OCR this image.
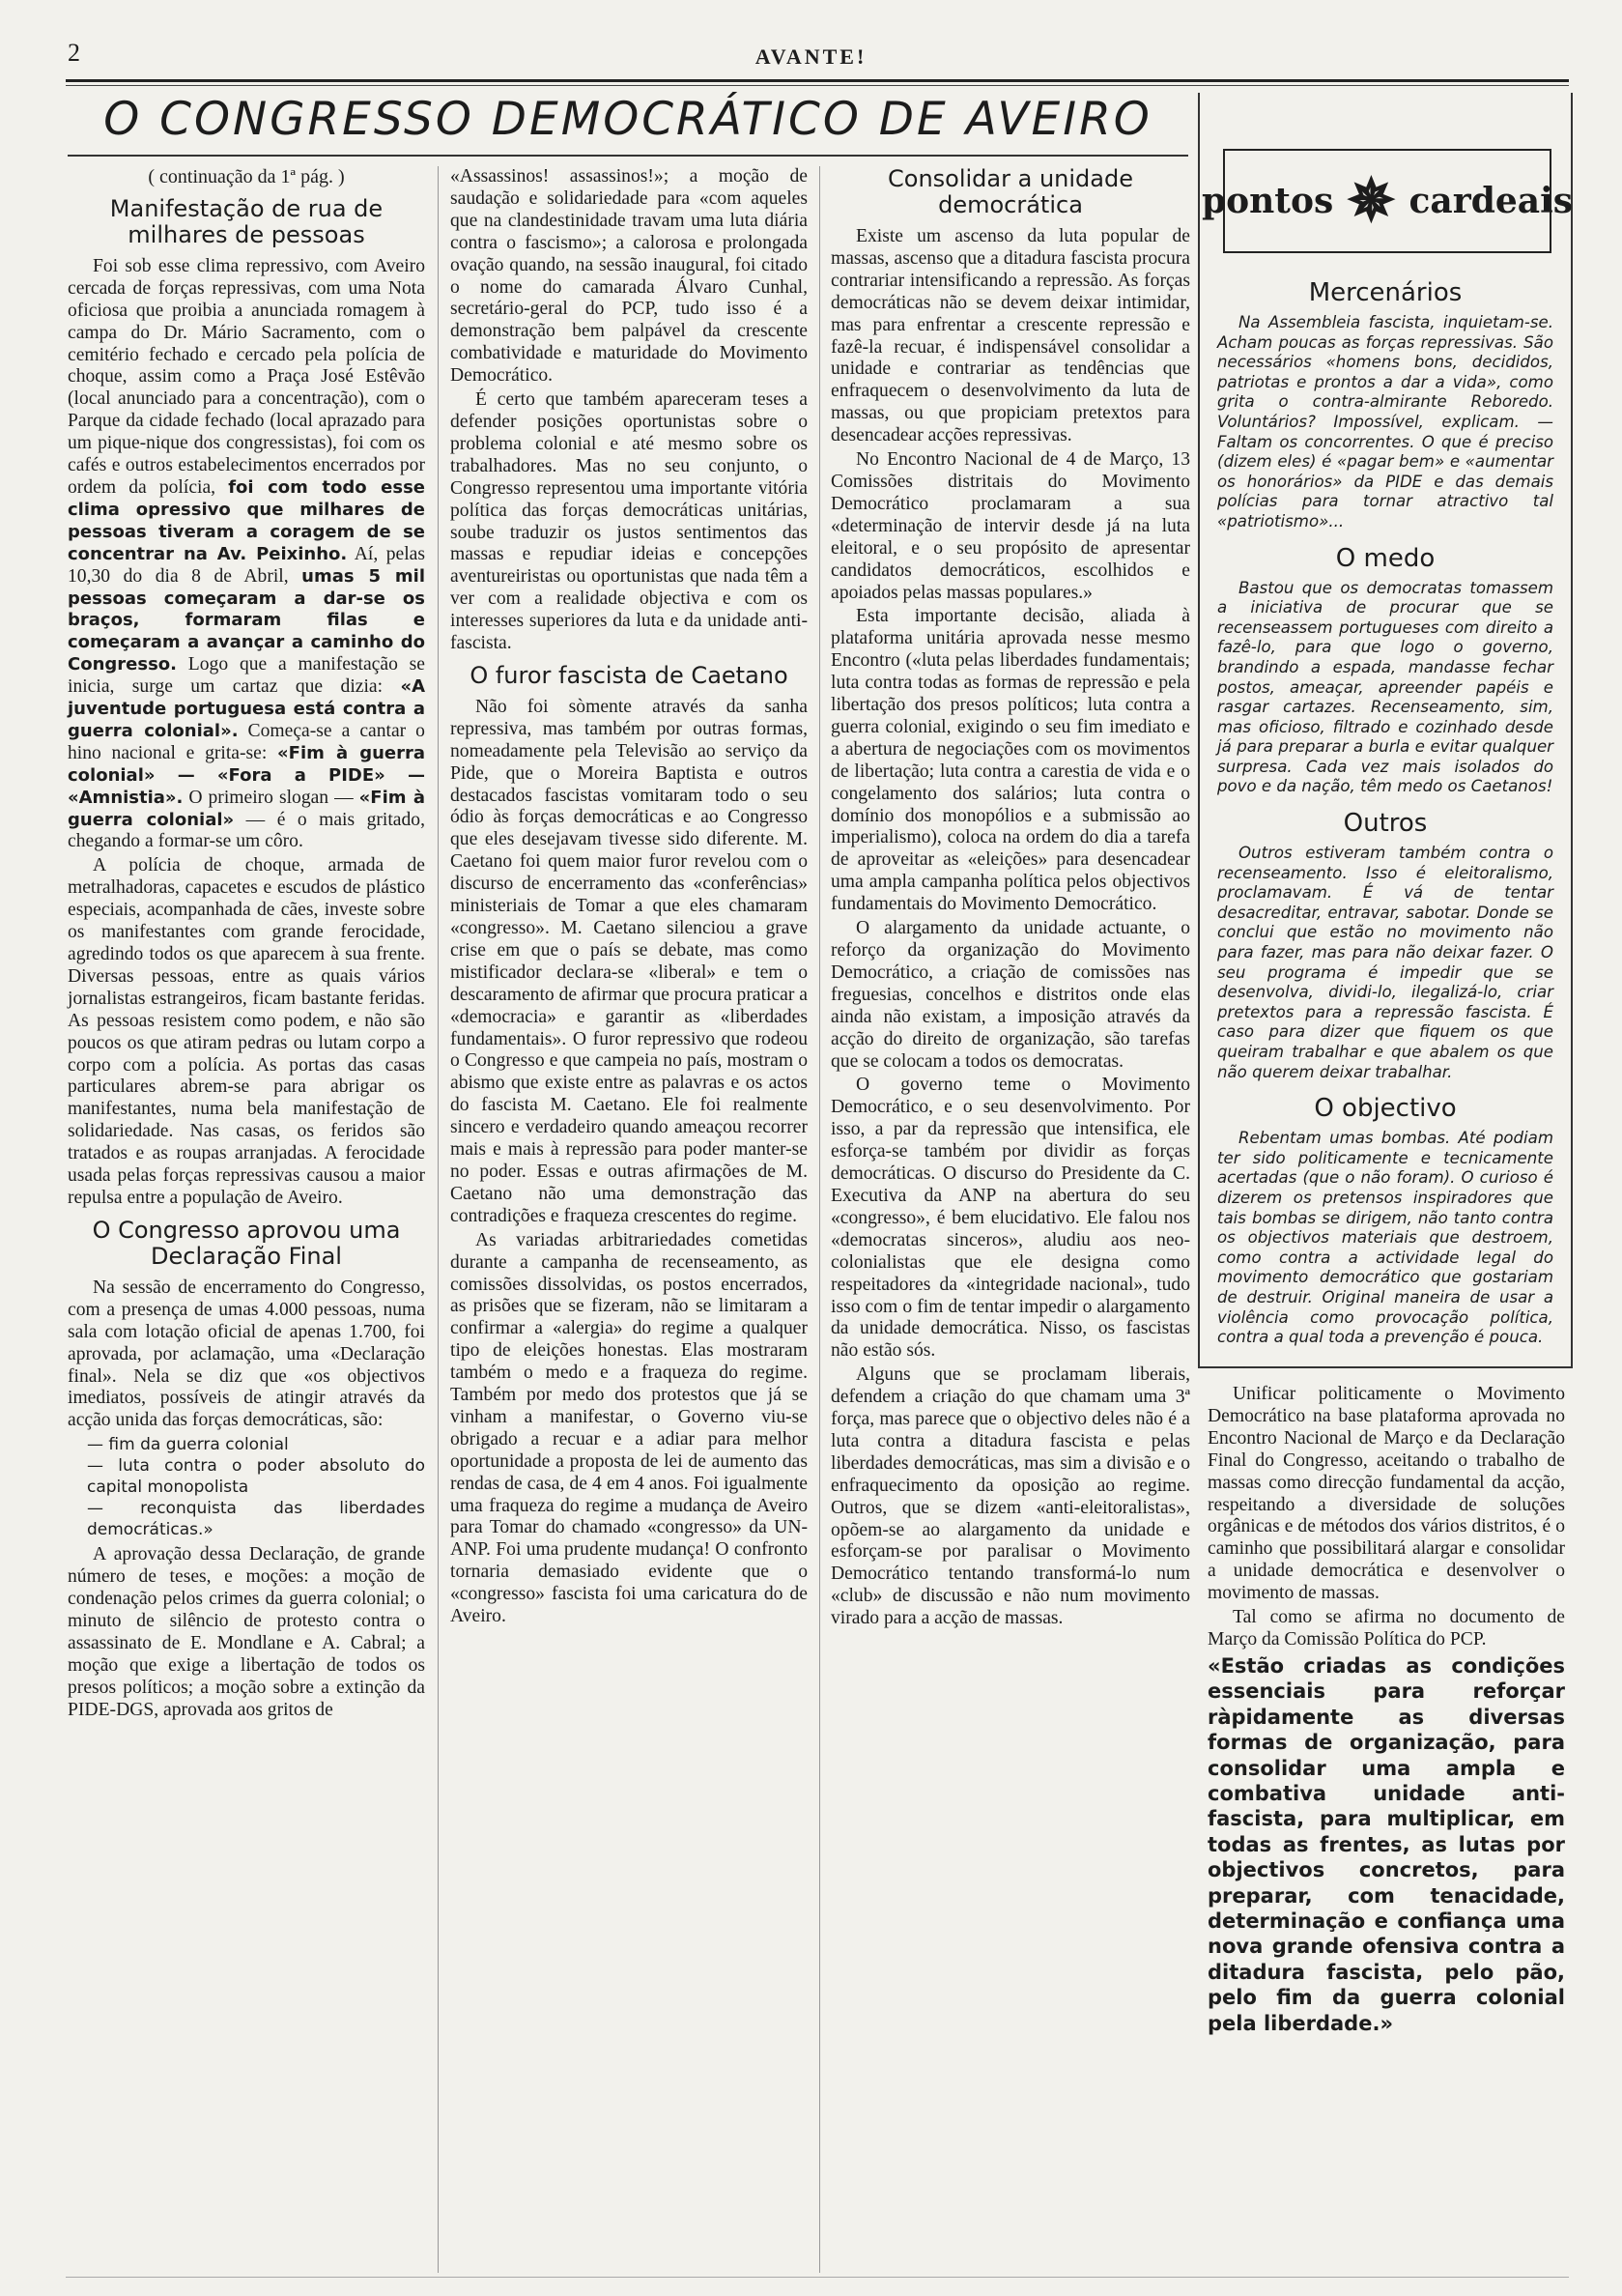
2	AVANTE!
O CONGRESSO DEMOCRÁTICO DE AVEIRO

( continuação da 1ª pág. )

Manifestação de rua de milhares de pessoas

Foi sob esse clima repressivo, com Aveiro cercada de forças repressivas, com uma Nota oficiosa que proibia a anunciada romagem à campa do Dr. Mário Sacramento, com o cemitério fechado e cercado pela polícia de choque, assim como a Praça José Estêvão (local anunciado para a concentração), com o Parque da cidade fechado (local aprazado para um pique-nique dos congressistas), foi com os cafés e outros estabelecimentos encerrados por ordem da polícia, foi com todo esse clima opressivo que milhares de pessoas tiveram a coragem de se concentrar na Av. Peixinho. Aí, pelas 10,30 do dia 8 de Abril, umas 5 mil pessoas começaram a dar-se os braços, formaram filas e começaram a avançar a caminho do Congresso. Logo que a manifestação se inicia, surge um cartaz que dizia: «A juventude portuguesa está contra a guerra colonial». Começa-se a cantar o hino nacional e grita-se: «Fim à guerra colonial» — «Fora a PIDE» — «Amnistia». O primeiro slogan — «Fim à guerra colonial» — é o mais gritado, chegando a formar-se um côro.

A polícia de choque, armada de metralhadoras, capacetes e escudos de plástico especiais, acompanhada de cães, investe sobre os manifestantes com grande ferocidade, agredindo todos os que aparecem à sua frente. Diversas pessoas, entre as quais vários jornalistas estrangeiros, ficam bastante feridas. As pessoas resistem como podem, e não são poucos os que atiram pedras ou lutam corpo a corpo com a polícia. As portas das casas particulares abrem-se para abrigar os manifestantes, numa bela manifestação de solidariedade. Nas casas, os feridos são tratados e as roupas arranjadas. A ferocidade usada pelas forças repressivas causou a maior repulsa entre a população de Aveiro.

O Congresso aprovou uma Declaração Final

Na sessão de encerramento do Congresso, com a presença de umas 4.000 pessoas, numa sala com lotação oficial de apenas 1.700, foi aprovada, por aclamação, uma «Declaração final». Nela se diz que «os objectivos imediatos, possíveis de atingir através da acção unida das forças democráticas, são:

— fim da guerra colonial
— luta contra o poder absoluto do capital monopolista
— reconquista das liberdades democráticas.»

A aprovação dessa Declaração, de grande número de teses, e moções: a moção de condenação pelos crimes da guerra colonial; o minuto de silêncio de protesto contra o assassinato de E. Mondlane e A. Cabral; a moção que exige a libertação de todos os presos políticos; a moção sobre a extinção da PIDE-DGS, aprovada aos gritos de

«Assassinos! assassinos!»; a moção de saudação e solidariedade para «com aqueles que na clandestinidade travam uma luta diária contra o fascismo»; a calorosa e prolongada ovação quando, na sessão inaugural, foi citado o nome do camarada Álvaro Cunhal, secretário-geral do PCP, tudo isso é a demonstração bem palpável da crescente combatividade e maturidade do Movimento Democrático.

É certo que também apareceram teses a defender posições oportunistas sobre o problema colonial e até mesmo sobre os trabalhadores. Mas no seu conjunto, o Congresso representou uma importante vitória política das forças democráticas unitárias, soube traduzir os justos sentimentos das massas e repudiar ideias e concepções aventureiristas ou oportunistas que nada têm a ver com a realidade objectiva e com os interesses superiores da luta e da unidade anti-fascista.

O furor fascista de Caetano

Não foi sòmente através da sanha repressiva, mas também por outras formas, nomeadamente pela Televisão ao serviço da Pide, que o Moreira Baptista e outros destacados fascistas vomitaram todo o seu ódio às forças democráticas e ao Congresso que eles desejavam tivesse sido diferente. M. Caetano foi quem maior furor revelou com o discurso de encerramento das «conferências» ministeriais de Tomar a que eles chamaram «congresso». M. Caetano silenciou a grave crise em que o país se debate, mas como mistificador declara-se «liberal» e tem o descaramento de afirmar que procura praticar a «democracia» e garantir as «liberdades fundamentais». O furor repressivo que rodeou o Congresso e que campeia no país, mostram o abismo que existe entre as palavras e os actos do fascista M. Caetano. Ele foi realmente sincero e verdadeiro quando ameaçou recorrer mais e mais à repressão para poder manter-se no poder. Essas e outras afirmações de M. Caetano não uma demonstração das contradições e fraqueza crescentes do regime.

As variadas arbitrariedades cometidas durante a campanha de recenseamento, as comissões dissolvidas, os postos encerrados, as prisões que se fizeram, não se limitaram a confirmar a «alergia» do regime a qualquer tipo de eleições honestas. Elas mostraram também o medo e a fraqueza do regime. Também por medo dos protestos que já se vinham a manifestar, o Governo viu-se obrigado a recuar e a adiar para melhor oportunidade a proposta de lei de aumento das rendas de casa, de 4 em 4 anos. Foi igualmente uma fraqueza do regime a mudança de Aveiro para Tomar do chamado «congresso» da UN-ANP. Foi uma prudente mudança! O confronto tornaria demasiado evidente que o «congresso» fascista foi uma caricatura do de Aveiro.

Consolidar a unidade democrática

Existe um ascenso da luta popular de massas, ascenso que a ditadura fascista procura contrariar intensificando a repressão. As forças democráticas não se devem deixar intimidar, mas para enfrentar a crescente repressão e fazê-la recuar, é indispensável consolidar a unidade e contrariar as tendências que enfraquecem o desenvolvimento da luta de massas, ou que propiciam pretextos para desencadear acções repressivas.

No Encontro Nacional de 4 de Março, 13 Comissões distritais do Movimento Democrático proclamaram a sua «determinação de intervir desde já na luta eleitoral, e o seu propósito de apresentar candidatos democráticos, escolhidos e apoiados pelas massas populares.»

Esta importante decisão, aliada à plataforma unitária aprovada nesse mesmo Encontro («luta pelas liberdades fundamentais; luta contra todas as formas de repressão e pela libertação dos presos políticos; luta contra a guerra colonial, exigindo o seu fim imediato e a abertura de negociações com os movimentos de libertação; luta contra a carestia de vida e o congelamento dos salários; luta contra o domínio dos monopólios e a submissão ao imperialismo), coloca na ordem do dia a tarefa de aproveitar as «eleições» para desencadear uma ampla campanha política pelos objectivos fundamentais do Movimento Democrático.

O alargamento da unidade actuante, o reforço da organização do Movimento Democrático, a criação de comissões nas freguesias, concelhos e distritos onde elas ainda não existam, a imposição através da acção do direito de organização, são tarefas que se colocam a todos os democratas.

O governo teme o Movimento Democrático, e o seu desenvolvimento. Por isso, a par da repressão que intensifica, ele esforça-se também por dividir as forças democráticas. O discurso do Presidente da C. Executiva da ANP na abertura do seu «congresso», é bem elucidativo. Ele falou nos «democratas sinceros», aludiu aos neo-colonialistas que ele designa como respeitadores da «integridade nacional», tudo isso com o fim de tentar impedir o alargamento da unidade democrática. Nisso, os fascistas não estão sós.

Alguns que se proclamam liberais, defendem a criação do que chamam uma 3ª força, mas parece que o objectivo deles não é a luta contra a ditadura fascista e pelas liberdades democráticas, mas sim a divisão e o enfraquecimento da oposição ao regime. Outros, que se dizem «anti-eleitoralistas», opõem-se ao alargamento da unidade e esforçam-se por paralisar o Movimento Democrático tentando transformá-lo num «club» de discussão e não num movimento virado para a acção de massas.

pontos ✵ cardeais
Mercenários

Na Assembleia fascista, inquietam-se. Acham poucas as forças repressivas. São necessários «homens bons, decididos, patriotas e prontos a dar a vida», como grita o contra-almirante Reboredo. Voluntários? Impossível, explicam. — Faltam os concorrentes. O que é preciso (dizem eles) é «pagar bem» e «aumentar os honorários» da PIDE e das demais polícias para tornar atractivo tal «patriotismo»...

O medo

Bastou que os democratas tomassem a iniciativa de procurar que se recenseassem portugueses com direito a fazê-lo, para que logo o governo, brandindo a espada, mandasse fechar postos, ameaçar, apreender papéis e rasgar cartazes. Recenseamento, sim, mas oficioso, filtrado e cozinhado desde já para preparar a burla e evitar qualquer surpresa. Cada vez mais isolados do povo e da nação, têm medo os Caetanos!

Outros

Outros estiveram também contra o recenseamento. Isso é eleitoralismo, proclamavam. É vá de tentar desacreditar, entravar, sabotar. Donde se conclui que estão no movimento não para fazer, mas para não deixar fazer. O seu programa é impedir que se desenvolva, dividi-lo, ilegalizá-lo, criar pretextos para a repressão fascista. É caso para dizer que fiquem os que queiram trabalhar e que abalem os que não querem deixar trabalhar.

O objectivo

Rebentam umas bombas. Até podiam ter sido politicamente e tecnicamente acertadas (que o não foram). O curioso é dizerem os pretensos inspiradores que tais bombas se dirigem, não tanto contra os objectivos materiais que destroem, como contra a actividade legal do movimento democrático que gostariam de destruir. Original maneira de usar a violência como provocação política, contra a qual toda a prevenção é pouca.

Unificar politicamente o Movimento Democrático na base plataforma aprovada no Encontro Nacional de Março e da Declaração Final do Congresso, aceitando o trabalho de massas como direcção fundamental da acção, respeitando a diversidade de soluções orgânicas e de métodos dos vários distritos, é o caminho que possibilitará alargar e consolidar a unidade democrática e desenvolver o movimento de massas.

Tal como se afirma no documento de Março da Comissão Política do PCP.

«Estão criadas as condições essenciais para reforçar ràpidamente as diversas formas de organização, para consolidar uma ampla e combativa unidade anti-fascista, para multiplicar, em todas as frentes, as lutas por objectivos concretos, para preparar, com tenacidade, determinação e confiança uma nova grande ofensiva contra a ditadura fascista, pelo pão, pelo fim da guerra colonial pela liberdade.»
